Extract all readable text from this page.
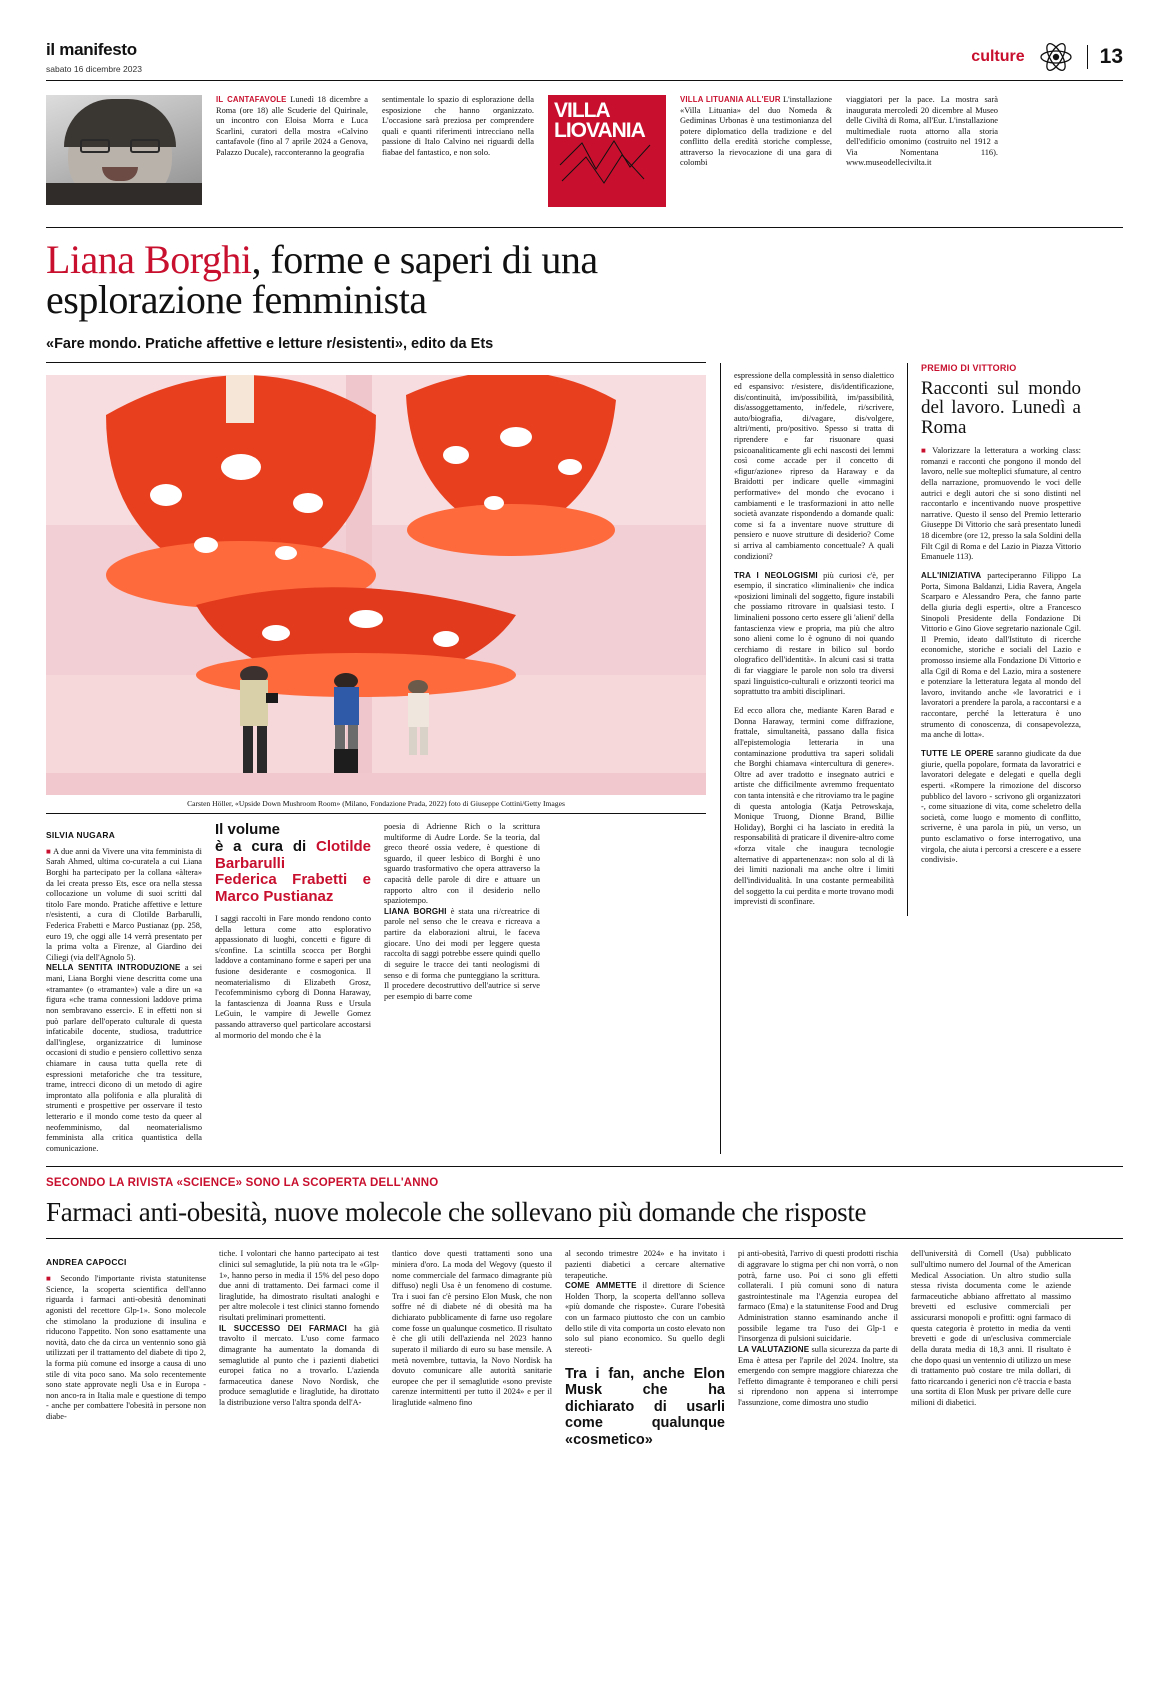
il manifesto
sabato 16 dicembre 2023
culture	13
IL CANTAFAVOLE Lunedì 18 dicembre a Roma (ore 18) alle Scuderie del Quirinale, un incontro con Eloisa Morra e Luca Scarlini, curatori della mostra «Calvino cantafavole (fino al 7 aprile 2024 a Genova, Palazzo Ducale), racconteranno la geografia
sentimentale lo spazio di esplorazione della esposizione che hanno organizzato. L'occasione sarà preziosa per comprendere quali e quanti riferimenti intrecciano nella passione di Italo Calvino nei riguardi della fiabae del fantastico, e non solo.
VILLA LIOVANIA
VILLA LITUANIA ALL'EUR L'installazione «Villa Lituania» del duo Nomeda & Gediminas Urbonas è una testimonianza del potere diplomatico della tradizione e del conflitto della eredità storiche complesse, attraverso la rievocazione di una gara di colombi
viaggiatori per la pace. La mostra sarà inaugurata mercoledì 20 dicembre al Museo delle Civiltà di Roma, all'Eur. L'installazione multimediale ruota attorno alla storia dell'edificio omonimo (costruito nel 1912 a Via Nomentana 116). www.museodellecivilta.it
Liana Borghi, forme e saperi di una esplorazione femminista
«Fare mondo. Pratiche affettive e letture r/esistenti», edito da Ets
Carsten Höller, «Upside Down Mushroom Room» (Milano, Fondazione Prada, 2022) foto di Giuseppe Cottini/Getty Images
SILVIA NUGARA

■ A due anni da Vivere una vita femminista di Sarah Ahmed, ultima co-curatela a cui Liana Borghi ha partecipato per la collana «àltera» da lei creata presso Ets, esce ora nella stessa collocazione un volume di suoi scritti dal titolo Fare mondo. Pratiche affettive e letture r/esistenti, a cura di Clotilde Barbarulli, Federica Frabetti e Marco Pustianaz (pp. 258, euro 19, che oggi alle 14 verrà presentato per la prima volta a Firenze, al Giardino dei Ciliegi (via dell'Agnolo 5).

NELLA SENTITA INTRODUZIONE a sei mani, Liana Borghi viene descritta come una «tramante» (o «tramante») vale a dire un «a figura «che trama connessioni laddove prima non sembravano esserci». E in effetti non si può parlare dell'operato culturale di questa infaticabile docente, studiosa, traduttrice dall'inglese, organizzatrice di luminose occasioni di studio e pensiero collettivo senza chiamare in causa tutta quella rete di espressioni metaforiche che tra tessiture, trame, intrecci dicono di un metodo di agire improntato alla polifonia e alla pluralità di strumenti e prospettive per osservare il testo letterario e il mondo come testo da queer al neofemminismo, dal neomaterialismo femminista alla critica quantistica della comunicazione.

Il volume
è a cura di Clotilde Barbarulli
Federica Frabetti e Marco Pustianaz

I saggi raccolti in Fare mondo rendono conto della lettura come atto esplorativo appassionato di luoghi, concetti e figure di s/confine. La scintilla scocca per Borghi laddove a contaminano forme e saperi per una fusione desiderante e cosmogonica. Il neomaterialismo di Elizabeth Grosz, l'ecofemminismo cyborg di Donna Haraway, la fantascienza di Joanna Russ e Ursula LeGuin, le vampire di Jewelle Gomez passando attraverso quel particolare accostarsi al mormorio del mondo che è la

poesia di Adrienne Rich o la scrittura multiforme di Audre Lorde. Se la teoria, dal greco theoré ossia vedere, è questione di sguardo, il queer lesbico di Borghi è uno sguardo trasformativo che opera attraverso la capacità delle parole di dire e attuare un rapporto altro con il desiderio nello spaziotempo.

LIANA BORGHI è stata una ri/creatrice di parole nel senso che le creava e ricreava a partire da elaborazioni altrui, le faceva giocare. Uno dei modi per leggere questa raccolta di saggi potrebbe essere quindi quello di seguire le tracce dei tanti neologismi di senso e di forma che punteggiano la scrittura. Il procedere decostruttivo dell'autrice si serve per esempio di barre come

espressione della complessità in senso dialettico ed espansivo: r/esistere, dis/identificazione, dis/continuità, im/possibilità, im/passibilità, dis/assoggettamento, in/fedele, ri/scrivere, auto/biografia, di/vagare, dis/volgere, altri/menti, pro/positivo. Spesso si tratta di riprendere e far risuonare quasi psicoanaliticamente gli echi nascosti dei lemmi così come accade per il concetto di «figur/azione» ripreso da Haraway e da Braidotti per indicare quelle «immagini performative» del mondo che evocano i cambiamenti e le trasformazioni in atto nelle società avanzate rispondendo a domande quali: come si fa a inventare nuove strutture di pensiero e nuove strutture di desiderio? Come si arriva al cambiamento concettuale? A quali condizioni?

TRA I NEOLOGISMI più curiosi c'è, per esempio, il sincratico «liminalieni» che indica «posizioni liminali del soggetto, figure instabili che possiamo ritrovare in qualsiasi testo. I liminalieni possono certo essere gli 'alieni' della fantascienza view e propria, ma più che altro sono alieni come lo è ognuno di noi quando cerchiamo di restare in bilico sul bordo olografico dell'identità». In alcuni casi si tratta di far viaggiare le parole non solo tra diversi spazi linguistico-culturali e orizzonti teorici ma soprattutto tra ambiti disciplinari.

Ed ecco allora che, mediante Karen Barad e Donna Haraway, termini come diffrazione, frattale, simultaneità, passano dalla fisica all'epistemologia letteraria in una contaminazione produttiva tra saperi solidali che Borghi chiamava «intercultura di genere». Oltre ad aver tradotto e insegnato autrici e artiste che difficilmente avremmo frequentato con tanta intensità e che ritroviamo tra le pagine di questa antologia (Katja Petrowskaja, Monique Truong, Dionne Brand, Billie Holiday), Borghi ci ha lasciato in eredità la responsabilità di praticare il divenire-altro come «forza vitale che inaugura tecnologie alternative di appartenenza»: non solo al di là dei limiti nazionali ma anche oltre i limiti dell'individualità. In una costante permeabilità del soggetto la cui perdita e morte trovano modi imprevisti di sconfinare.

PREMIO DI VITTORIO
Racconti sul mondo del lavoro. Lunedì a Roma

■ Valorizzare la letteratura a working class: romanzi e racconti che pongono il mondo del lavoro, nelle sue molteplici sfumature, al centro della narrazione, promuovendo le voci delle autrici e degli autori che si sono distinti nel raccontarlo e incentivando nuove prospettive narrative. Questo il senso del Premio letterario Giuseppe Di Vittorio che sarà presentato lunedì 18 dicembre (ore 12, presso la sala Soldini della Filt Cgil di Roma e del Lazio in Piazza Vittorio Emanuele 113).

ALL'INIZIATIVA parteciperanno Filippo La Porta, Simona Baldanzi, Lidia Ravera, Angela Scarparo e Alessandro Pera, che fanno parte della giuria degli esperti», oltre a Francesco Sinopoli Presidente della Fondazione Di Vittorio e Gino Giove segretario nazionale Cgil. Il Premio, ideato dall'Istituto di ricerche economiche, storiche e sociali del Lazio e promosso insieme alla Fondazione Di Vittorio e alla Cgil di Roma e del Lazio, mira a sostenere e potenziare la letteratura legata al mondo del lavoro, invitando anche «le lavoratrici e i lavoratori a prendere la parola, a raccontarsi e a raccontare, perché la letteratura è uno strumento di conoscenza, di consapevolezza, ma anche di lotta».

TUTTE LE OPERE saranno giudicate da due giurie, quella popolare, formata da lavoratrici e lavoratori delegate e delegati e quella degli esperti. «Rompere la rimozione del discorso pubblico del lavoro - scrivono gli organizzatori -, come situazione di vita, come scheletro della società, come luogo e momento di conflitto, scriverne, è una parola in più, un verso, un punto esclamativo o forse interrogativo, una virgola, che aiuta i percorsi a crescere e a essere condivisi».

SECONDO LA RIVISTA «SCIENCE» SONO LA SCOPERTA DELL'ANNO
Farmaci anti-obesità, nuove molecole che sollevano più domande che risposte
ANDREA CAPOCCI

■ Secondo l'importante rivista statunitense Science, la scoperta scientifica dell'anno riguarda i farmaci anti-obesità denominati agonisti del recettore Glp-1». Sono molecole che stimolano la produzione di insulina e riducono l'appetito. Non sono esattamente una novità, dato che da circa un ventennio sono già utilizzati per il trattamento del diabete di tipo 2, la forma più comune ed insorge a causa di uno stile di vita poco sano. Ma solo recentemente sono state approvate negli Usa e in Europa - non anco-ra in Italia male e questione di tempo - anche per combattere l'obesità in persone non diabe-

tiche. I volontari che hanno partecipato ai test clinici sul semaglutide, la più nota tra le «Glp-1», hanno perso in media il 15% del peso dopo due anni di trattamento. Dei farmaci come il liraglutide, ha dimostrato risultati analoghi e per altre molecole i test clinici stanno fornendo risultati preliminari promettenti.

IL SUCCESSO DEI FARMACI ha già travolto il mercato. L'uso come farmaco dimagrante ha aumentato la domanda di semaglutide al punto che i pazienti diabetici europei fatica no a trovarlo. L'azienda farmaceutica danese Novo Nordisk, che produce semaglutide e liraglutide, ha dirottato la distribuzione verso l'altra sponda dell'A-

tlantico dove questi trattamenti sono una miniera d'oro. La moda del Wegovy (questo il nome commerciale del farmaco dimagrante più diffuso) negli Usa è un fenomeno di costume. Tra i suoi fan c'è persino Elon Musk, che non soffre né di diabete né di obesità ma ha dichiarato pubblicamente di farne uso regolare come fosse un qualunque cosmetico. Il risultato è che gli utili dell'azienda nel 2023 hanno superato il miliardo di euro su base mensile. A metà novembre, tuttavia, la Novo Nordisk ha dovuto comunicare alle autorità sanitarie europee che per il semaglutide «sono previste carenze intermittenti per tutto il 2024» e per il liraglutide «almeno fino

al secondo trimestre 2024» e ha invitato i pazienti diabetici a cercare alternative terapeutiche.

COME AMMETTE il direttore di Science Holden Thorp, la scoperta dell'anno solleva «più domande che risposte». Curare l'obesità con un farmaco piuttosto che con un cambio dello stile di vita comporta un costo elevato non solo sul piano economico. Su quello degli stereoti-

Tra i fan, anche Elon Musk che ha dichiarato di usarli come qualunque «cosmetico»

pi anti-obesità, l'arrivo di questi prodotti rischia di aggravare lo stigma per chi non vorrà, o non potrà, farne uso. Poi ci sono gli effetti collaterali. I più comuni sono di natura gastrointestinale ma l'Agenzia europea del farmaco (Ema) e la statunitense Food and Drug Administration stanno esaminando anche il possibile legame tra l'uso dei Glp-1 e l'insorgenza di pulsioni suicidarie.

LA VALUTAZIONE sulla sicurezza da parte di Ema è attesa per l'aprile del 2024. Inoltre, sta emergendo con sempre maggiore chiarezza che l'effetto dimagrante è temporaneo e chili persi si riprendono non appena si interrompe l'assunzione, come dimostra uno studio

dell'università di Cornell (Usa) pubblicato sull'ultimo numero del Journal of the American Medical Association. Un altro studio sulla stessa rivista documenta come le aziende farmaceutiche abbiano affrettato al massimo brevetti ed esclusive commerciali per assicurarsi monopoli e profitti: ogni farmaco di questa categoria è protetto in media da venti brevetti e gode di un'esclusiva commerciale della durata media di 18,3 anni. Il risultato è che dopo quasi un ventennio di utilizzo un mese di trattamento può costare tre mila dollari, di fatto ricarcando i generici non c'è traccia e basta una sortita di Elon Musk per privare delle cure milioni di diabetici.
